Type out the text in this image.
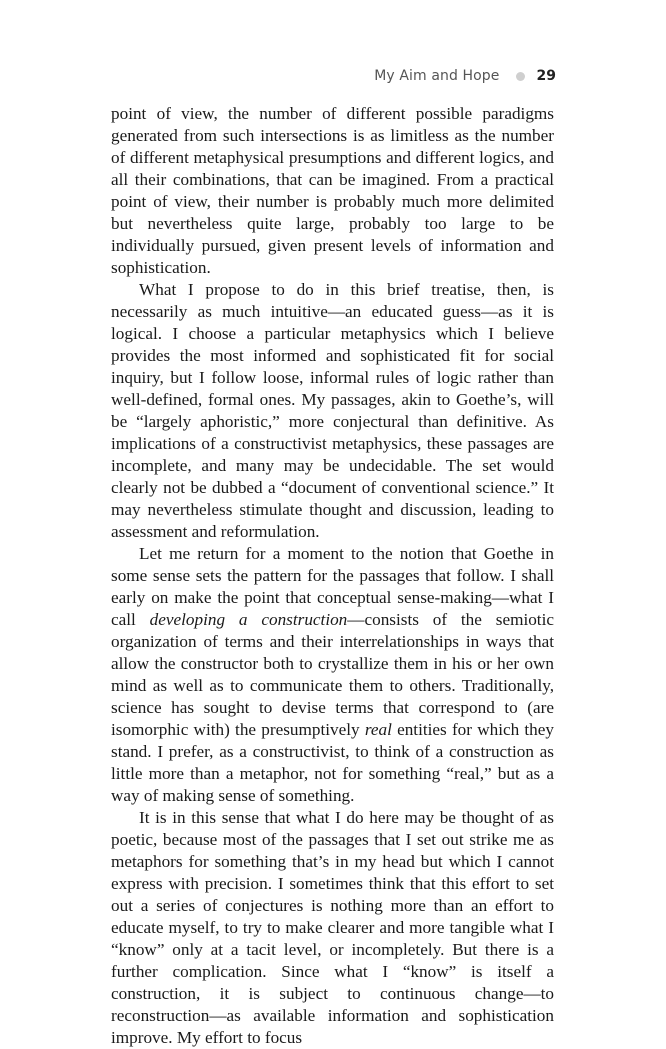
My Aim and Hope	29

point of view, the number of different possible paradigms generated from such intersections is as limitless as the number of different metaphysical presumptions and different logics, and all their combinations, that can be imagined. From a practical point of view, their number is probably much more delimited but nevertheless quite large, probably too large to be individually pursued, given present levels of information and sophistication.

What I propose to do in this brief treatise, then, is necessarily as much intuitive—an educated guess—as it is logical. I choose a particular metaphysics which I believe provides the most informed and sophisticated fit for social inquiry, but I follow loose, informal rules of logic rather than well-defined, formal ones. My passages, akin to Goethe’s, will be “largely aphoristic,” more conjectural than definitive. As implications of a constructivist metaphysics, these passages are incomplete, and many may be undecidable. The set would clearly not be dubbed a “document of conventional science.” It may nevertheless stimulate thought and discussion, leading to assessment and reformulation.

Let me return for a moment to the notion that Goethe in some sense sets the pattern for the passages that follow. I shall early on make the point that conceptual sense-making—what I call developing a construction—consists of the semiotic organization of terms and their interrelationships in ways that allow the constructor both to crystallize them in his or her own mind as well as to communicate them to others. Traditionally, science has sought to devise terms that correspond to (are isomorphic with) the presumptively real entities for which they stand. I prefer, as a constructivist, to think of a construction as little more than a metaphor, not for something “real,” but as a way of making sense of something.

It is in this sense that what I do here may be thought of as poetic, because most of the passages that I set out strike me as metaphors for something that’s in my head but which I cannot express with precision. I sometimes think that this effort to set out a series of conjectures is nothing more than an effort to educate myself, to try to make clearer and more tangible what I “know” only at a tacit level, or incompletely. But there is a further complication. Since what I “know” is itself a construction, it is subject to continuous change—to reconstruction—as available information and sophistication improve. My effort to focus
